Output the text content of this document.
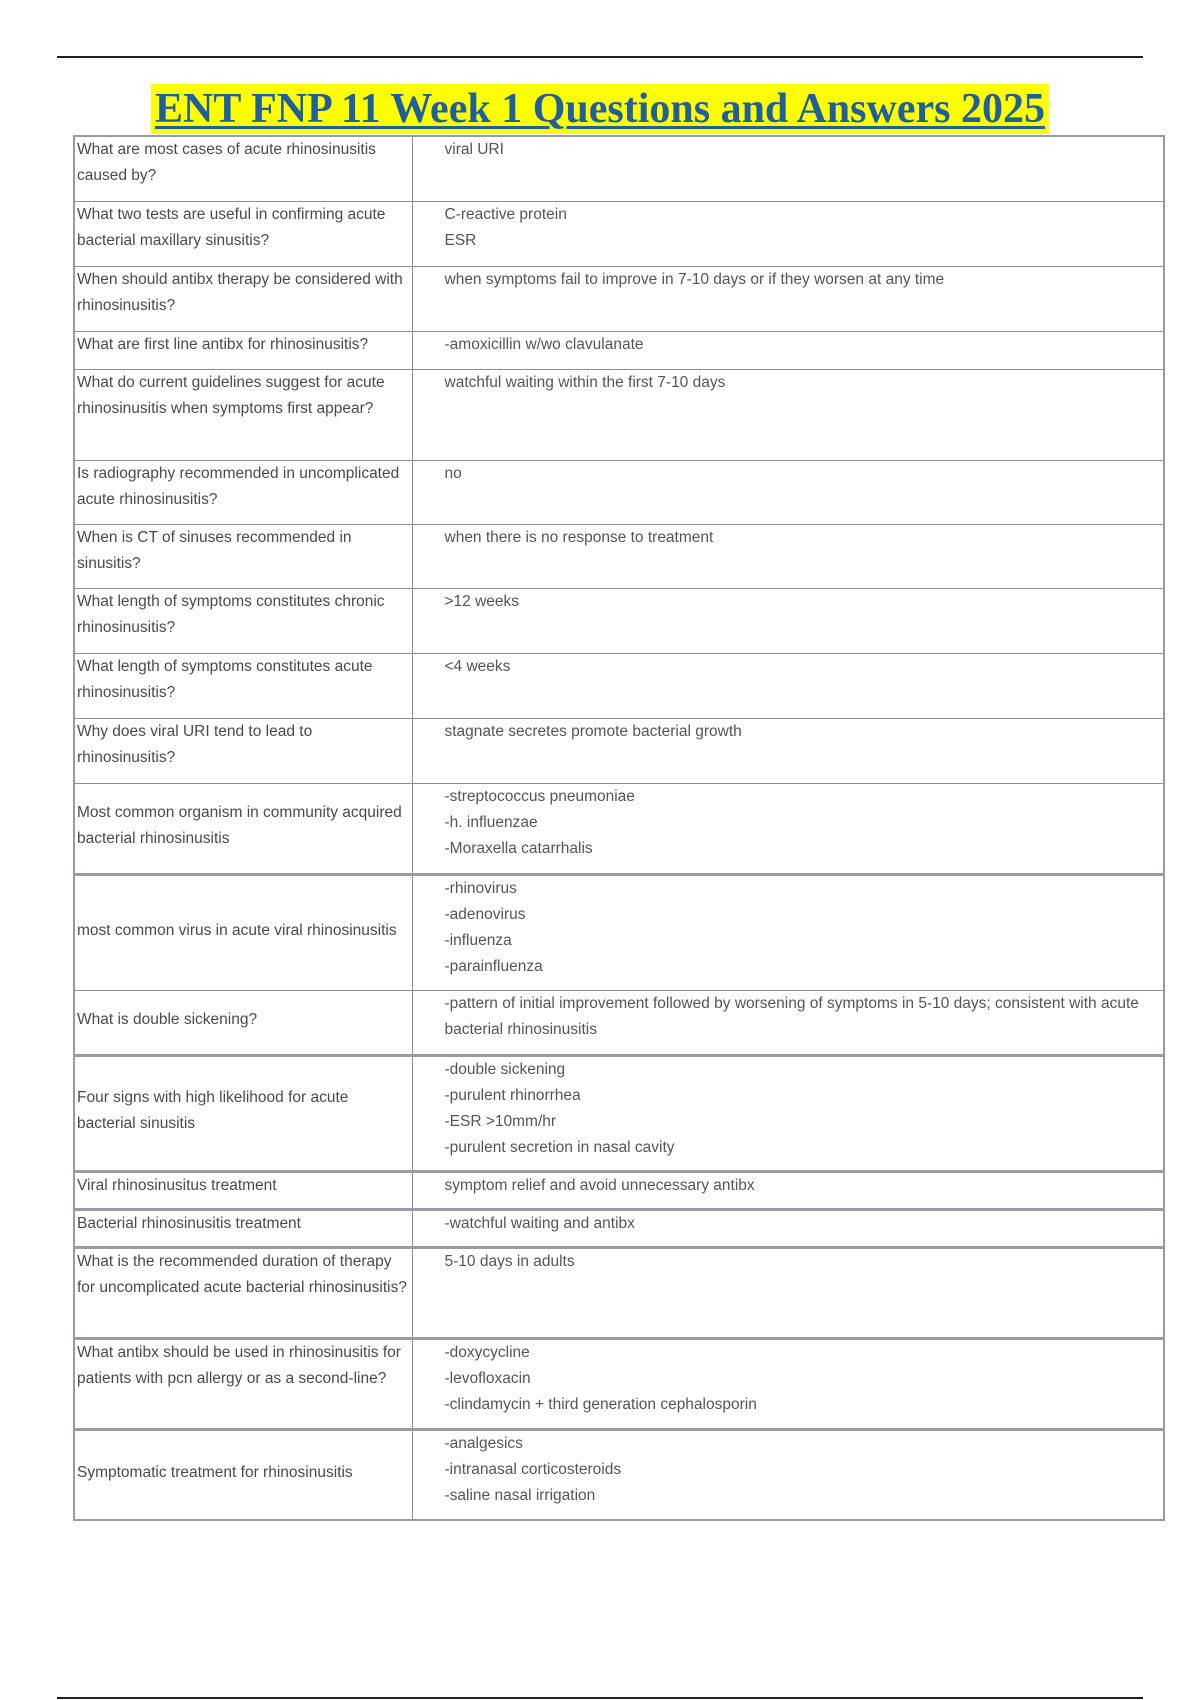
ENT FNP 11 Week 1 Questions and Answers 2025
What are most cases of acute rhinosinusitis caused by?	viral URI
What two tests are useful in confirming acute bacterial maxillary sinusitis?	C-reactive protein
ESR
When should antibx therapy be considered with rhinosinusitis?	when symptoms fail to improve in 7-10 days or if they worsen at any time
What are first line antibx for rhinosinusitis?	-amoxicillin w/wo clavulanate
What do current guidelines suggest for acute rhinosinusitis when symptoms first appear?	watchful waiting within the first 7-10 days
Is radiography recommended in uncomplicated acute rhinosinusitis?	no
When is CT of sinuses recommended in sinusitis?	when there is no response to treatment
What length of symptoms constitutes chronic rhinosinusitis?	>12 weeks
What length of symptoms constitutes acute rhinosinusitis?	<4 weeks
Why does viral URI tend to lead to rhinosinusitis?	stagnate secretes promote bacterial growth
Most common organism in community acquired bacterial rhinosinusitis	-streptococcus pneumoniae
-h. influenzae
-Moraxella catarrhalis
most common virus in acute viral rhinosinusitis	-rhinovirus
-adenovirus
-influenza
-parainfluenza
What is double sickening?	-pattern of initial improvement followed by worsening of symptoms in 5-10 days; consistent with acute bacterial rhinosinusitis
Four signs with high likelihood for acute bacterial sinusitis	-double sickening
-purulent rhinorrhea
-ESR >10mm/hr
-purulent secretion in nasal cavity
Viral rhinosinusitus treatment	symptom relief and avoid unnecessary antibx
Bacterial rhinosinusitis treatment	-watchful waiting and antibx
What is the recommended duration of therapy for uncomplicated acute bacterial rhinosinusitis?	5-10 days in adults
What antibx should be used in rhinosinusitis for patients with pcn allergy or as a second-line?	-doxycycline
-levofloxacin
-clindamycin + third generation cephalosporin
Symptomatic treatment for rhinosinusitis	-analgesics
-intranasal corticosteroids
-saline nasal irrigation
